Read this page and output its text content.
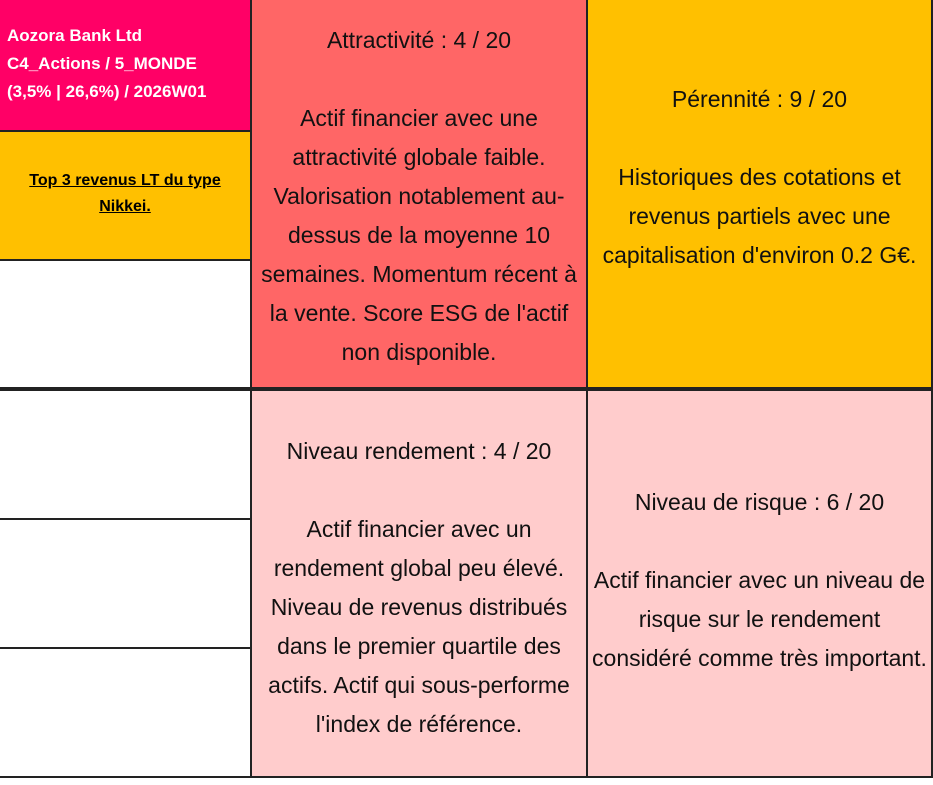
Aozora Bank Ltd
C4_Actions / 5_MONDE
(3,5% | 26,6%) / 2026W01
Top 3 revenus LT du type Nikkei.
Attractivité : 4 / 20
Actif financier avec une attractivité globale faible. Valorisation notablement au-dessus de la moyenne 10 semaines. Momentum récent à la vente. Score ESG de l'actif non disponible.
Pérennité : 9 / 20
Historiques des cotations et revenus partiels avec une capitalisation d'environ 0.2 G€.
Niveau rendement : 4 / 20
Actif financier avec un rendement global peu élevé. Niveau de revenus distribués dans le premier quartile des actifs. Actif qui sous-performe l'index de référence.
Niveau de risque : 6 / 20
Actif financier avec un niveau de risque sur le rendement considéré comme très important.
